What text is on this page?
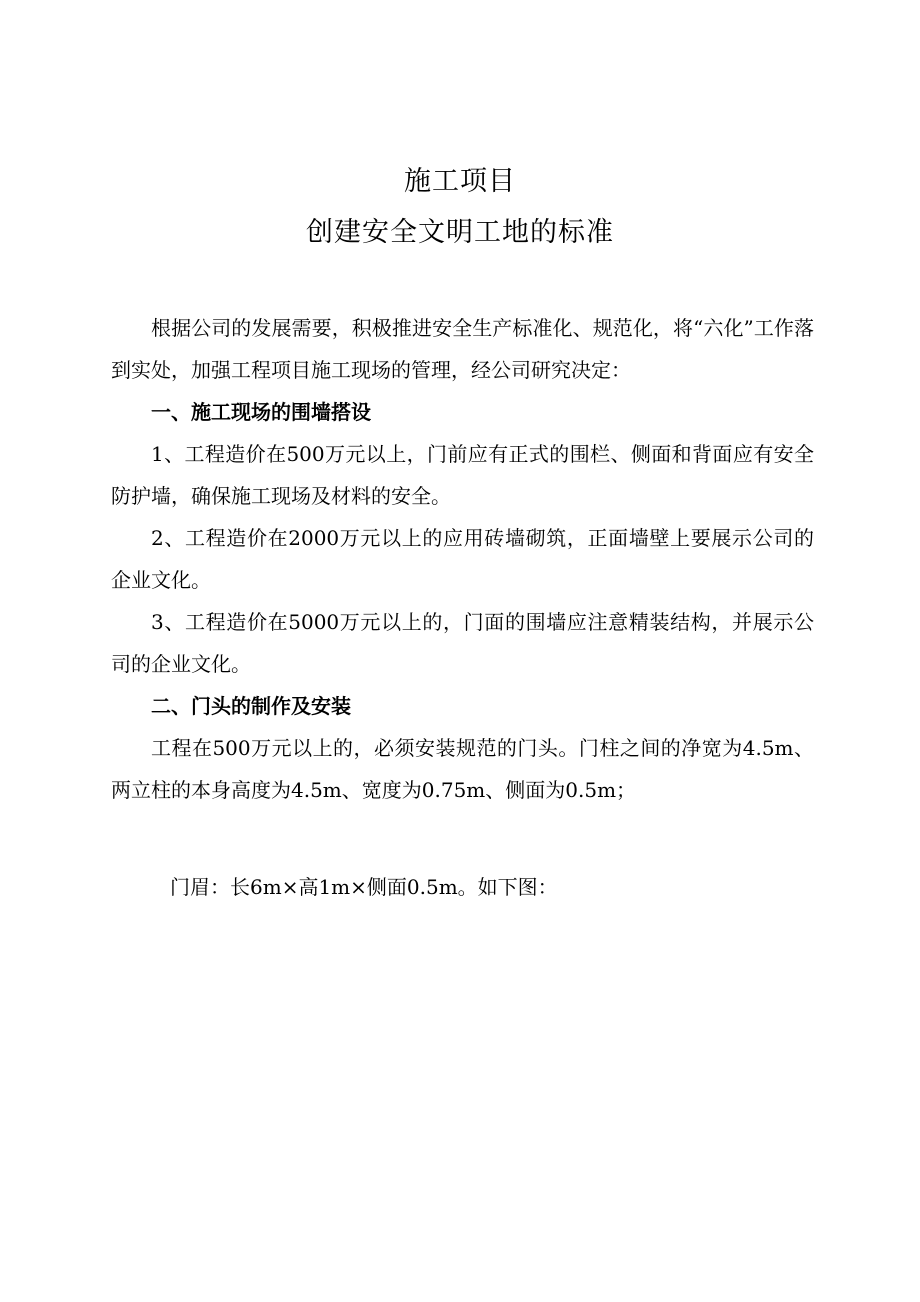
施工项目
创建安全文明工地的标准

根据公司的发展需要，积极推进安全生产标准化、规范化，将“六化”工作落到实处，加强工程项目施工现场的管理，经公司研究决定：

一、施工现场的围墙搭设

1、工程造价在500万元以上，门前应有正式的围栏、侧面和背面应有安全防护墙，确保施工现场及材料的安全。

2、工程造价在2000万元以上的应用砖墙砌筑，正面墙壁上要展示公司的企业文化。

3、工程造价在5000万元以上的，门面的围墙应注意精装结构，并展示公司的企业文化。

二、门头的制作及安装

工程在500万元以上的，必须安装规范的门头。门柱之间的净宽为4.5m、两立柱的本身高度为4.5m、宽度为0.75m、侧面为0.5m；

门眉：长6m×高1m×侧面0.5m。如下图：
